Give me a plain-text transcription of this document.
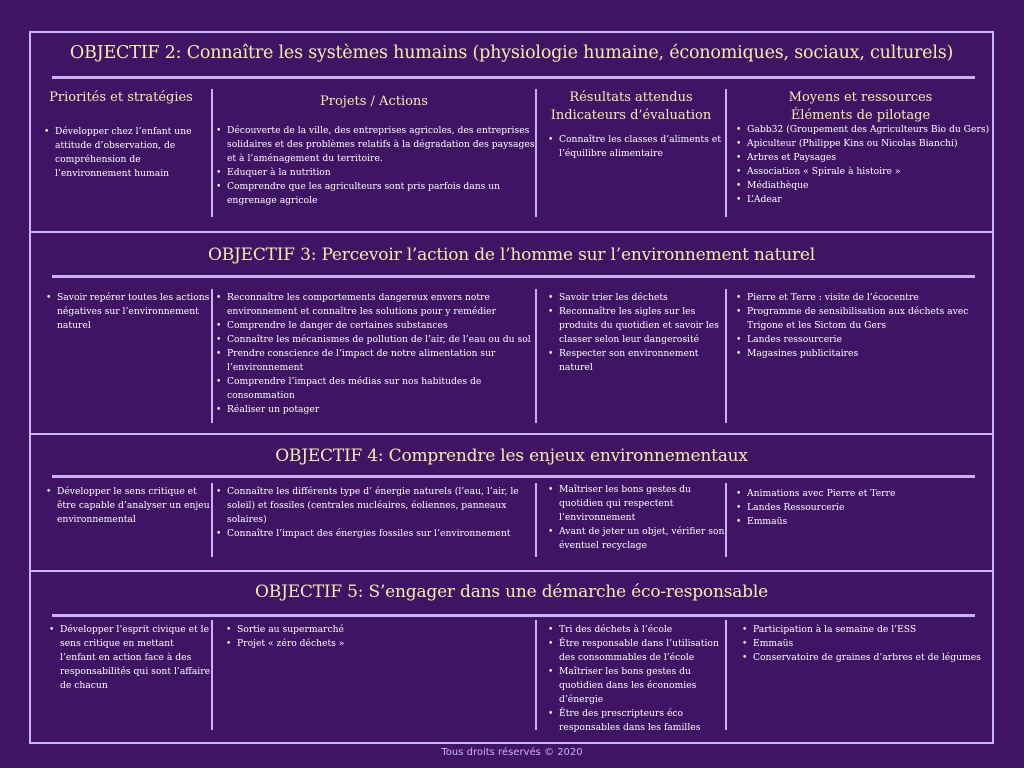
OBJECTIF 2: Connaître les systèmes humains (physiologie humaine, économiques, sociaux, culturels)
Priorités et stratégies
• Développer chez l’enfant une attitude d’observation, de compréhension de l’environnement humain
Projets / Actions
• Découverte de la ville, des entreprises agricoles, des entreprises solidaires et des problèmes relatifs à la dégradation des paysages et à l’aménagement du territoire.
• Eduquer à la nutrition
• Comprendre que les agriculteurs sont pris parfois dans un engrenage agricole
Résultats attendus
Indicateurs d’évaluation
• Connaître les classes d’aliments et l’équilibre alimentaire
Moyens et ressources
Éléments de pilotage
• Gabb32 (Groupement des Agriculteurs Bio du Gers)
• Apiculteur (Philippe Kins ou Nicolas Bianchi)
• Arbres et Paysages
• Association « Spirale à histoire »
• Médiathèque
• L’Adear
OBJECTIF 3: Percevoir l’action de l’homme sur l’environnement naturel
• Savoir repérer toutes les actions négatives sur l’environnement naturel
• Reconnaître les comportements dangereux envers notre environnement et connaître les solutions pour y remédier
• Comprendre le danger de certaines substances
• Connaître les mécanismes de pollution de l’air, de l’eau ou du sol
• Prendre conscience de l’impact de notre alimentation sur l’environnement
• Comprendre l’impact des médias sur nos habitudes de consommation
• Réaliser un potager
• Savoir trier les déchets
• Reconnaître les sigles sur les produits du quotidien et savoir les classer selon leur dangerosité
• Respecter son environnement naturel
• Pierre et Terre : visite de l’écocentre
• Programme de sensibilisation aux déchets avec Trigone et les Sictom du Gers
• Landes ressourcerie
• Magasines publicitaires
OBJECTIF 4: Comprendre les enjeux environnementaux
• Développer le sens critique et être capable d’analyser un enjeu environnemental
• Connaître les différents type d’ énergie naturels (l’eau, l’air, le soleil) et fossiles (centrales nucléaires, éoliennes, panneaux solaires)
• Connaître l’impact des énergies fossiles sur l’environnement
• Maîtriser les bons gestes du quotidien qui respectent l’environnement
• Avant de jeter un objet, vérifier son éventuel recyclage
• Animations avec Pierre et Terre
• Landes Ressourcerie
• Emmaüs
OBJECTIF 5: S’engager dans une démarche éco-responsable
• Développer l’esprit civique et le sens critique en mettant l’enfant en action face à des responsabilités qui sont l’affaire de chacun
• Sortie au supermarché
• Projet « zéro déchets »
• Tri des déchets à l’école
• Être responsable dans l’utilisation des consommables de l’école
• Maîtriser les bons gestes du quotidien dans les économies d’énergie
• Être des prescripteurs éco responsables dans les familles
• Participation à la semaine de l’ESS
• Emmaüs
• Conservatoire de graines d’arbres et de légumes
Tous droits réservés © 2020
